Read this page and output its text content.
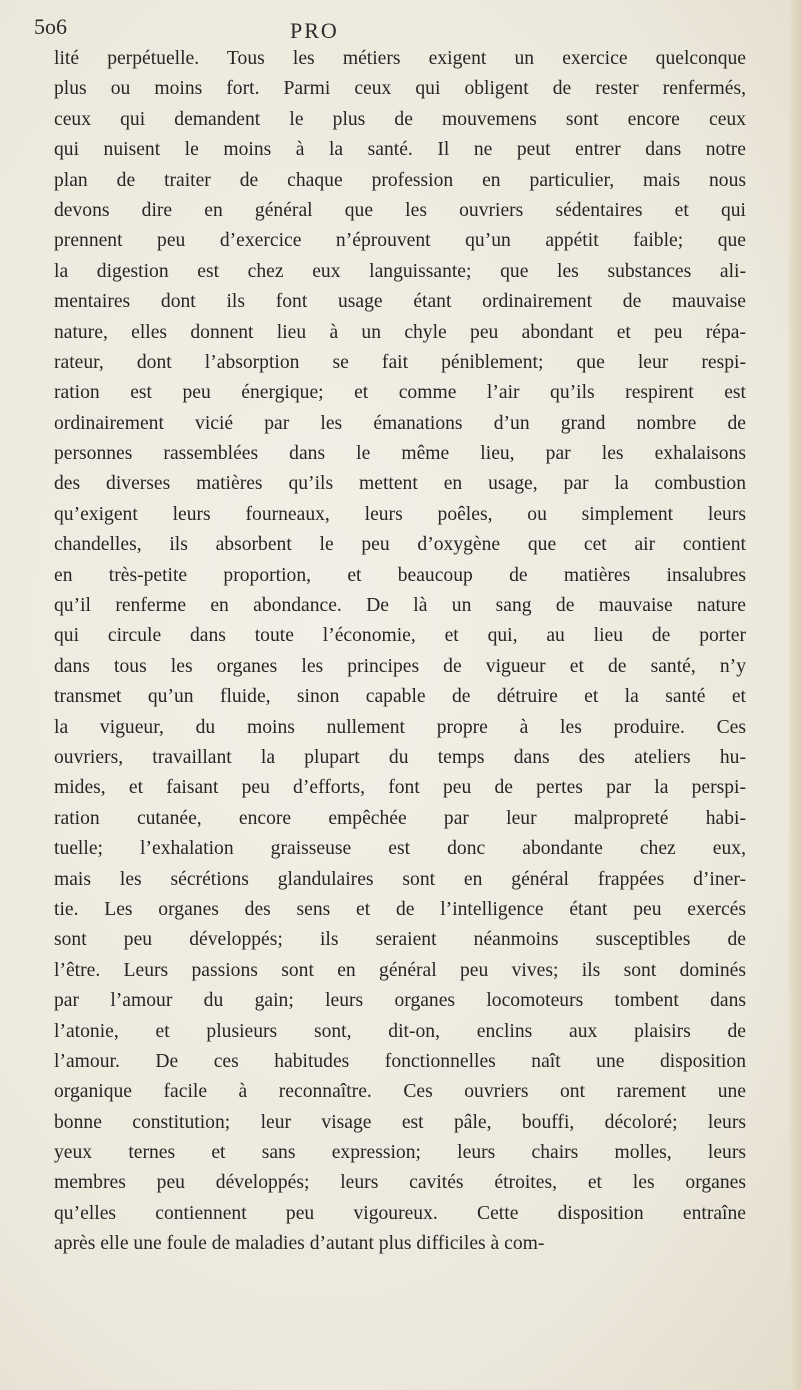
5o6	PRO
lité perpétuelle. Tous les métiers exigent un exercice quelconque
plus ou moins fort. Parmi ceux qui obligent de rester renfermés,
ceux qui demandent le plus de mouvemens sont encore ceux
qui nuisent le moins à la santé. Il ne peut entrer dans notre
plan de traiter de chaque profession en particulier, mais nous
devons dire en général que les ouvriers sédentaires et qui
prennent peu d’exercice n’éprouvent qu’un appétit faible; que
la digestion est chez eux languissante; que les substances ali-
mentaires dont ils font usage étant ordinairement de mauvaise
nature, elles donnent lieu à un chyle peu abondant et peu répa-
rateur, dont l’absorption se fait péniblement; que leur respi-
ration est peu énergique; et comme l’air qu’ils respirent est
ordinairement vicié par les émanations d’un grand nombre de
personnes rassemblées dans le même lieu, par les exhalaisons
des diverses matières qu’ils mettent en usage, par la combustion
qu’exigent leurs fourneaux, leurs poêles, ou simplement leurs
chandelles, ils absorbent le peu d’oxygène que cet air contient
en très-petite proportion, et beaucoup de matières insalubres
qu’il renferme en abondance. De là un sang de mauvaise nature
qui circule dans toute l’économie, et qui, au lieu de porter
dans tous les organes les principes de vigueur et de santé, n’y
transmet qu’un fluide, sinon capable de détruire et la santé et
la vigueur, du moins nullement propre à les produire. Ces
ouvriers, travaillant la plupart du temps dans des ateliers hu-
mides, et faisant peu d’efforts, font peu de pertes par la perspi-
ration cutanée, encore empêchée par leur malpropreté habi-
tuelle; l’exhalation graisseuse est donc abondante chez eux,
mais les sécrétions glandulaires sont en général frappées d’iner-
tie. Les organes des sens et de l’intelligence étant peu exercés
sont peu développés; ils seraient néanmoins susceptibles de
l’être. Leurs passions sont en général peu vives; ils sont dominés
par l’amour du gain; leurs organes locomoteurs tombent dans
l’atonie, et plusieurs sont, dit-on, enclins aux plaisirs de
l’amour. De ces habitudes fonctionnelles naît une disposition
organique facile à reconnaître. Ces ouvriers ont rarement une
bonne constitution; leur visage est pâle, bouffi, décoloré; leurs
yeux ternes et sans expression; leurs chairs molles, leurs
membres peu développés; leurs cavités étroites, et les organes
qu’elles contiennent peu vigoureux. Cette disposition entraîne
après elle une foule de maladies d’autant plus difficiles à com-
